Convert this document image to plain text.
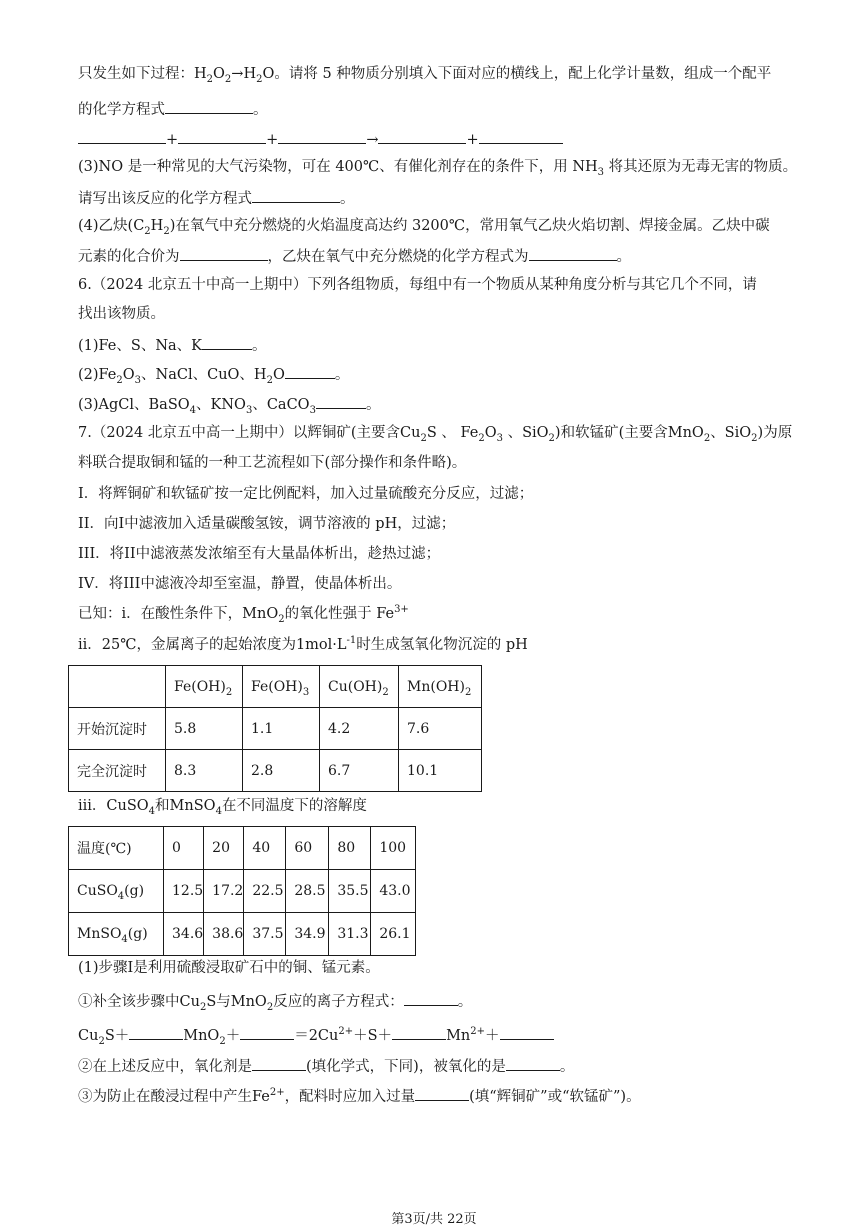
只发生如下过程：$H_2O_2\to H_2O$。请将 5 种物质分别填入下面对应的横线上，配上化学计量数，组成一个配平
的化学方程式	。
+	+	→	+
(3)NO 是一种常见的大气污染物，可在 400℃、有催化剂存在的条件下，用 $NH_3$ 将其还原为无毒无害的物质。
请写出该反应的化学方程式	。
(4)乙炔$(C_2H_2)$在氧气中充分燃烧的火焰温度高达约 3200℃，常用氧气乙炔火焰切割、焊接金属。乙炔中碳
元素的化合价为	，乙炔在氧气中充分燃烧的化学方程式为	。
6.（2024 北京五十中高一上期中）下列各组物质，每组中有一个物质从某种角度分析与其它几个不同，请
找出该物质。
(1)Fe、S、Na、K	。
$(2)Fe_2O_3$、NaCl、CuO、$H_2O$	。
(3)AgCl、BaSO$_4$、$KNO_3$、CaCO$_3$	。
7.（2024 北京五中高一上期中）以辉铜矿(主要含$Cu_2S$ 、 $Fe_2O_3$ 、SiO$_2$)和软锰矿(主要含MnO$_2$、SiO$_2$)为原
料联合提取铜和锰的一种工艺流程如下(部分操作和条件略)。
I．将辉铜矿和软锰矿按一定比例配料，加入过量硫酸充分反应，过滤；
II．向I中滤液加入适量碳酸氢铵，调节溶液的 pH，过滤；
III．将II中滤液蒸发浓缩至有大量晶体析出，趁热过滤；
IV．将III中滤液冷却至室温，静置，使晶体析出。
已知：i．在酸性条件下，MnO$_2$的氧化性强于 $Fe^{3+}$
ii．25℃，金属离子的起始浓度为$1mol\cdot L^{-1}$时生成氢氧化物沉淀的 pH
	$Fe(OH)_2$	$Fe(OH)_3$	$Cu(OH)_2$	$Mn(OH)_2$
开始沉淀时	5.8	1.1	4.2	7.6
完全沉淀时	8.3	2.8	6.7	10.1
iii．CuSO$_4$和MnSO$_4$在不同温度下的溶解度
温度(℃)	0	20	40	60	80	100
CuSO$_4$(g)	12.5	17.2	22.5	28.5	35.5	43.0
MnSO$_4$(g)	34.6	38.6	37.5	34.9	31.3	26.1
(1)步骤I是利用硫酸浸取矿石中的铜、锰元素。
①补全该步骤中$Cu_2S$与MnO$_2$反应的离子方程式：	。
$Cu_2S+$	MnO$_2$＋	$=2Cu^{2+}+S+$	$Mn^{2+}+$
②在上述反应中，氧化剂是	(填化学式，下同)，被氧化的是	。
③为防止在酸浸过程中产生$Fe^{2+}$，配料时应加入过量	(填“辉铜矿”或“软锰矿”)。
第3页/共 22页
